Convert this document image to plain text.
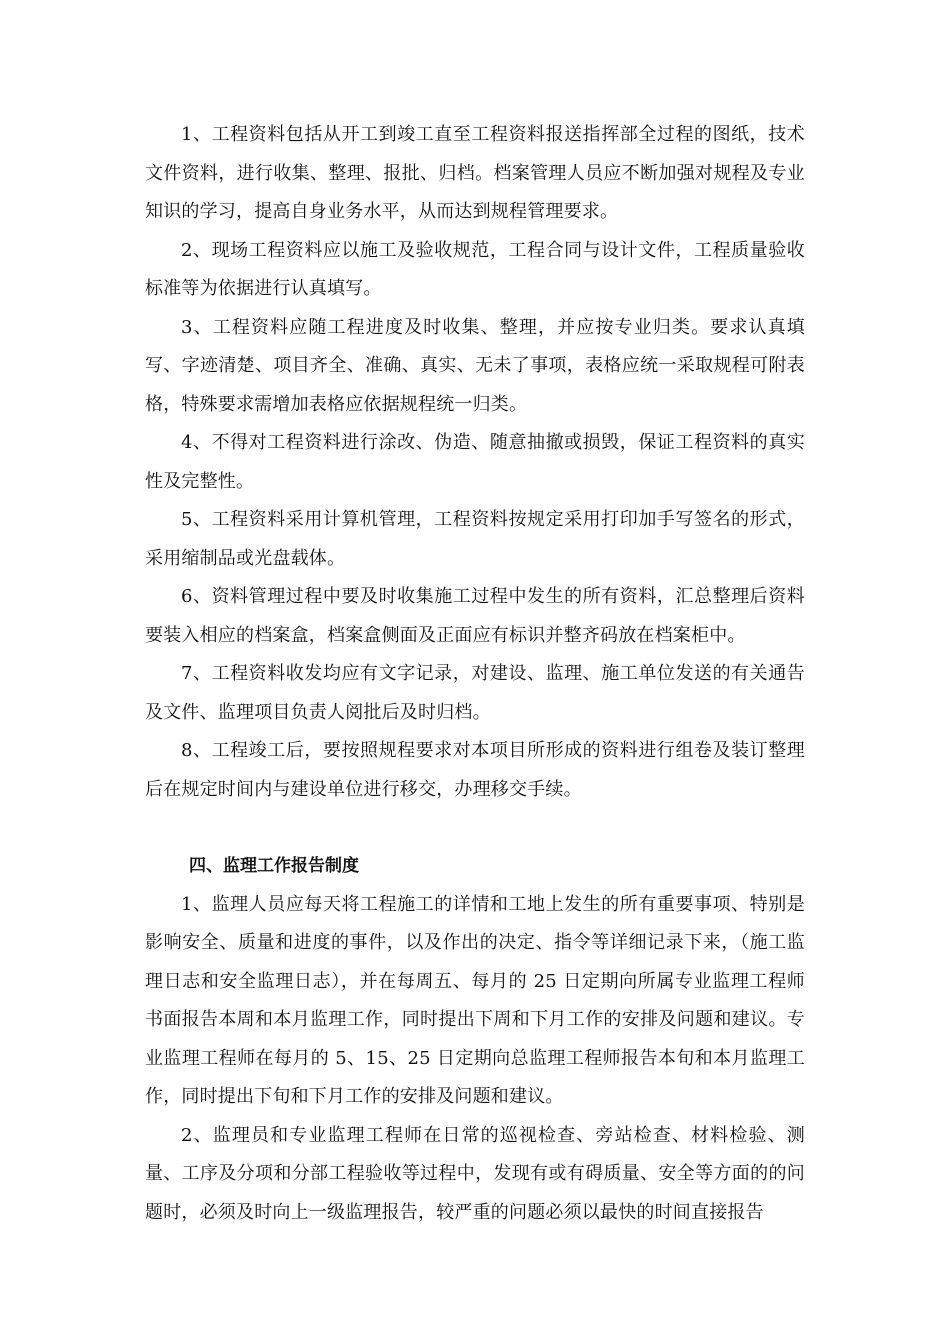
1、工程资料包括从开工到竣工直至工程资料报送指挥部全过程的图纸，技术文件资料，进行收集、整理、报批、归档。档案管理人员应不断加强对规程及专业知识的学习，提高自身业务水平，从而达到规程管理要求。

2、现场工程资料应以施工及验收规范，工程合同与设计文件，工程质量验收标准等为依据进行认真填写。

3、工程资料应随工程进度及时收集、整理，并应按专业归类。要求认真填写、字迹清楚、项目齐全、准确、真实、无未了事项，表格应统一采取规程可附表格，特殊要求需增加表格应依据规程统一归类。

4、不得对工程资料进行涂改、伪造、随意抽撤或损毁，保证工程资料的真实性及完整性。

5、工程资料采用计算机管理，工程资料按规定采用打印加手写签名的形式，采用缩制品或光盘载体。

6、资料管理过程中要及时收集施工过程中发生的所有资料，汇总整理后资料要装入相应的档案盒，档案盒侧面及正面应有标识并整齐码放在档案柜中。

7、工程资料收发均应有文字记录，对建设、监理、施工单位发送的有关通告及文件、监理项目负责人阅批后及时归档。

8、工程竣工后，要按照规程要求对本项目所形成的资料进行组卷及装订整理后在规定时间内与建设单位进行移交，办理移交手续。

四、监理工作报告制度

1、监理人员应每天将工程施工的详情和工地上发生的所有重要事项、特别是影响安全、质量和进度的事件，以及作出的决定、指令等详细记录下来，（施工监理日志和安全监理日志），并在每周五、每月的 25 日定期向所属专业监理工程师书面报告本周和本月监理工作，同时提出下周和下月工作的安排及问题和建议。专业监理工程师在每月的 5、15、25 日定期向总监理工程师报告本旬和本月监理工作，同时提出下旬和下月工作的安排及问题和建议。

2、监理员和专业监理工程师在日常的巡视检查、旁站检查、材料检验、测量、工序及分项和分部工程验收等过程中，发现有或有碍质量、安全等方面的的问题时，必须及时向上一级监理报告，较严重的问题必须以最快的时间直接报告
